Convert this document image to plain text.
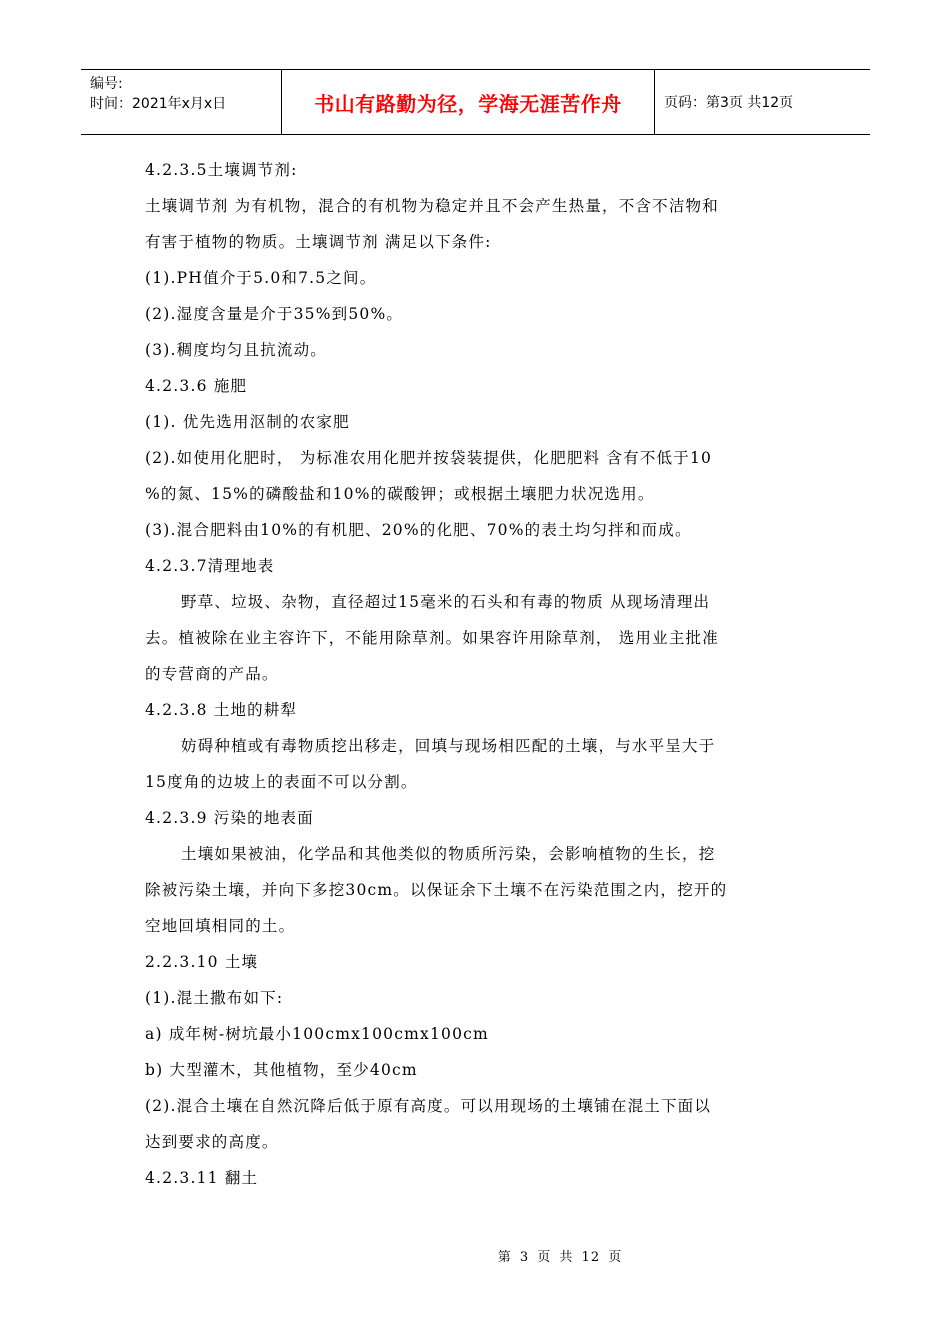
编号:
时间：2021年x月x日	书山有路勤为径，学海无涯苦作舟	页码：第3页 共12页
4.2.3.5土壤调节剂:
土壤调节剂 为有机物，混合的有机物为稳定并且不会产生热量，不含不洁物和
有害于植物的物质。土壤调节剂 满足以下条件:
(1).PH值介于5.0和7.5之间。
(2).湿度含量是介于35%到50%。
(3).稠度均匀且抗流动。
4.2.3.6 施肥
(1). 优先选用沤制的农家肥
(2).如使用化肥时， 为标准农用化肥并按袋装提供，化肥肥料 含有不低于10
%的氮、15%的磷酸盐和10%的碳酸钾；或根据土壤肥力状况选用。
(3).混合肥料由10%的有机肥、20%的化肥、70%的表土均匀拌和而成。
4.2.3.7清理地表
野草、垃圾、杂物，直径超过15毫米的石头和有毒的物质 从现场清理出
去。植被除在业主容许下，不能用除草剂。如果容许用除草剂， 选用业主批准
的专营商的产品。
4.2.3.8 土地的耕犁
妨碍种植或有毒物质挖出移走，回填与现场相匹配的土壤，与水平呈大于
15度角的边坡上的表面不可以分割。
4.2.3.9 污染的地表面
土壤如果被油，化学品和其他类似的物质所污染，会影响植物的生长，挖
除被污染土壤，并向下多挖30cm。以保证余下土壤不在污染范围之内，挖开的
空地回填相同的土。
2.2.3.10 土壤
(1).混土撒布如下:
a) 成年树-树坑最小100cmx100cmx100cm
b) 大型灌木，其他植物，至少40cm
(2).混合土壤在自然沉降后低于原有高度。可以用现场的土壤铺在混土下面以
达到要求的高度。
4.2.3.11 翻土
第 3 页 共 12 页
